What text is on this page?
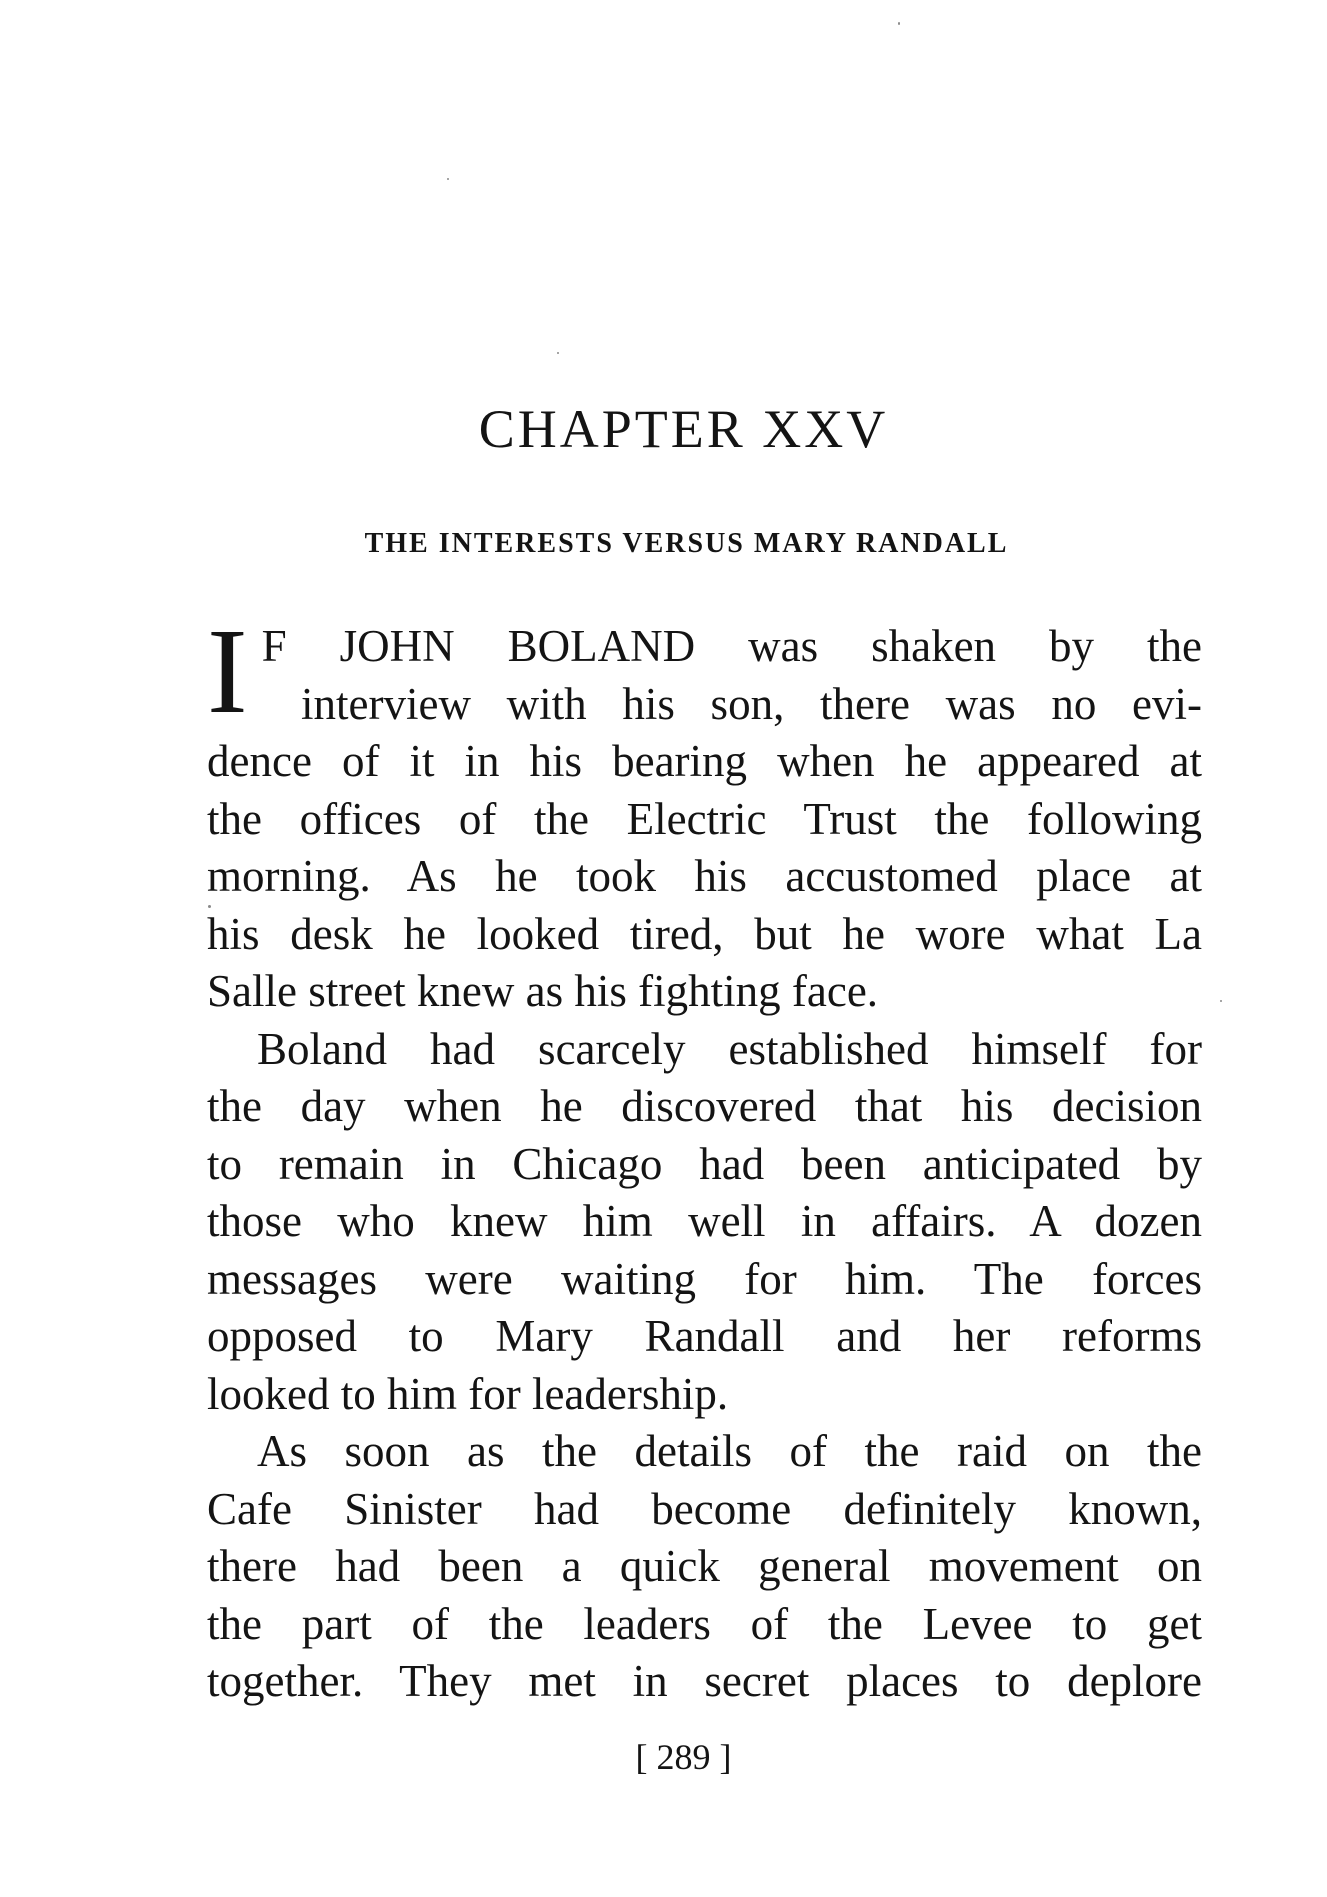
CHAPTER XXV
THE INTERESTS VERSUS MARY RANDALL
I F JOHN BOLAND was shaken by the
interview with his son, there was no evi-
dence of it in his bearing when he appeared at
the offices of the Electric Trust the following
morning. As he took his accustomed place at
his desk he looked tired, but he wore what La
Salle street knew as his fighting face.
Boland had scarcely established himself for
the day when he discovered that his decision
to remain in Chicago had been anticipated by
those who knew him well in affairs. A dozen
messages were waiting for him. The forces
opposed to Mary Randall and her reforms
looked to him for leadership.
As soon as the details of the raid on the
Cafe Sinister had become definitely known,
there had been a quick general movement on
the part of the leaders of the Levee to get
together. They met in secret places to deplore
[ 289 ]
